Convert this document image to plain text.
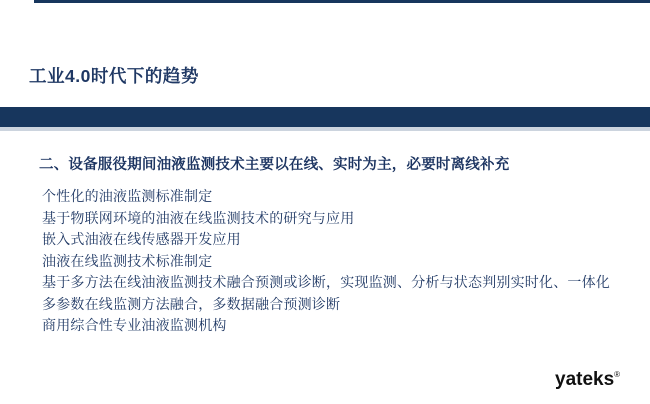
工业4.0时代下的趋势
二、设备服役期间油液监测技术主要以在线、实时为主，必要时离线补充
个性化的油液监测标准制定
基于物联网环境的油液在线监测技术的研究与应用
嵌入式油液在线传感器开发应用
油液在线监测技术标准制定
基于多方法在线油液监测技术融合预测或诊断，实现监测、分析与状态判别实时化、一体化
多参数在线监测方法融合，多数据融合预测诊断
商用综合性专业油液监测机构
yateks®
